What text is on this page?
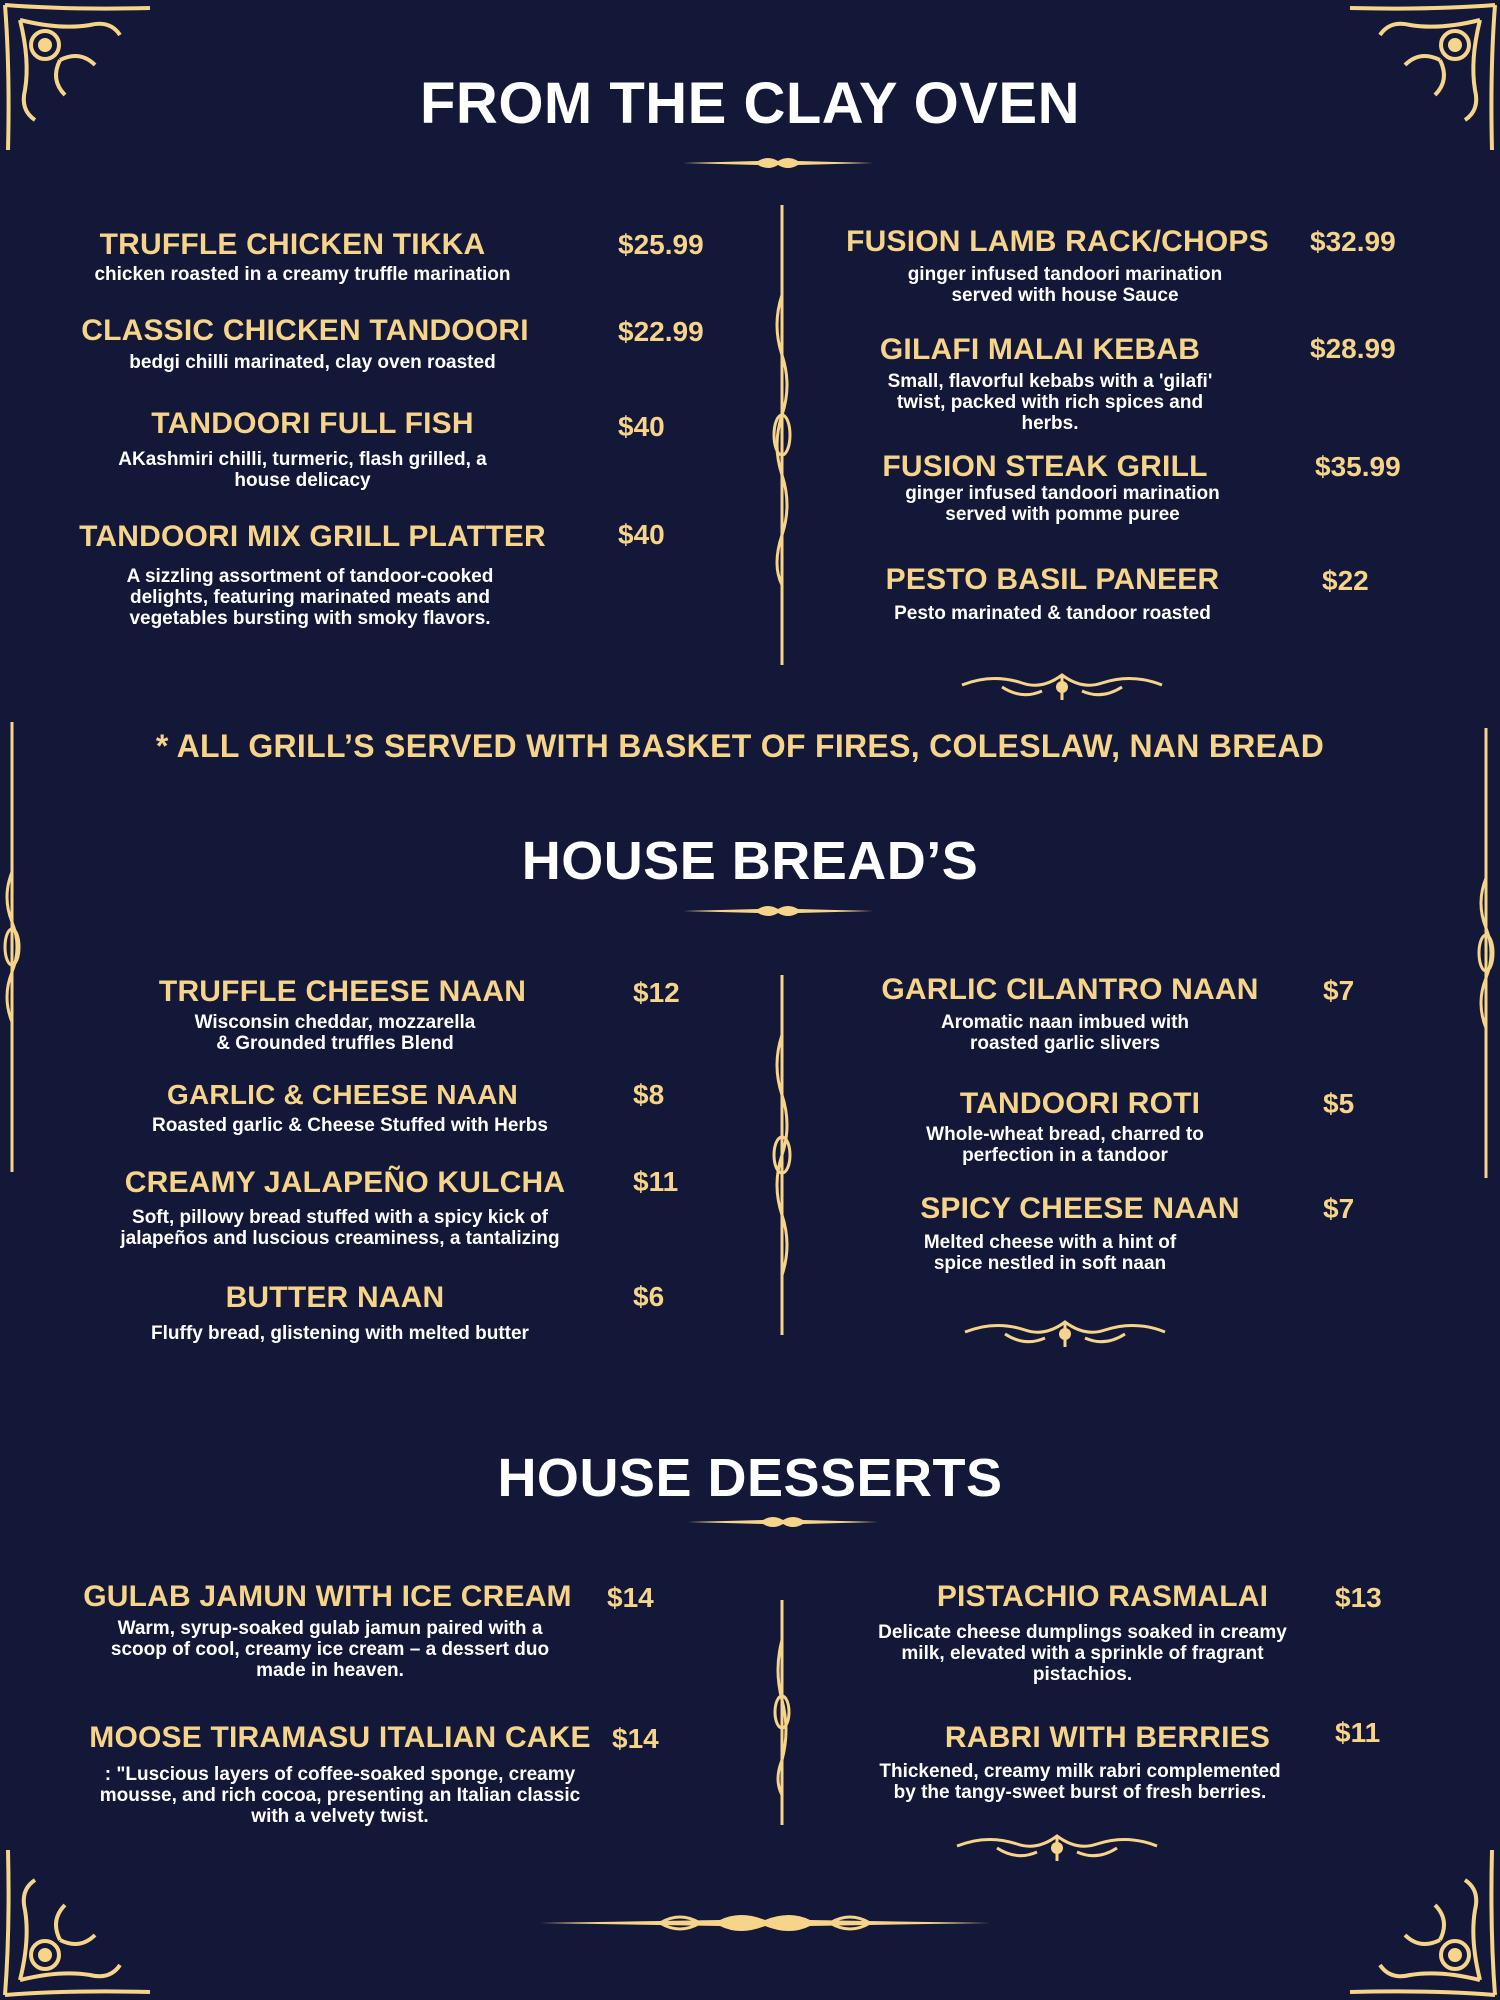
FROM THE CLAY OVEN
TRUFFLE CHICKEN TIKKA	$25.99
chicken roasted in a creamy truffle marination
CLASSIC CHICKEN TANDOORI	$22.99
bedgi chilli marinated, clay oven roasted
TANDOORI FULL FISH	$40
AKashmiri chilli, turmeric, flash grilled, a
house delicacy
TANDOORI MIX GRILL PLATTER	$40
A sizzling assortment of tandoor-cooked
delights, featuring marinated meats and
vegetables bursting with smoky flavors.
FUSION LAMB RACK/CHOPS	$32.99
ginger infused tandoori marination
served with house Sauce
GILAFI MALAI KEBAB	$28.99
Small, flavorful kebabs with a 'gilafi'
twist, packed with rich spices and
herbs.
FUSION STEAK GRILL	$35.99
ginger infused tandoori marination
served with pomme puree
PESTO BASIL PANEER	$22
Pesto marinated & tandoor roasted
* ALL GRILL’S SERVED WITH BASKET OF FIRES, COLESLAW, NAN BREAD
HOUSE BREAD’S
TRUFFLE CHEESE NAAN	$12
Wisconsin cheddar, mozzarella
& Grounded truffles Blend
GARLIC & CHEESE NAAN	$8
Roasted garlic & Cheese Stuffed with Herbs
CREAMY JALAPEÑO KULCHA	$11
Soft, pillowy bread stuffed with a spicy kick of
jalapeños and luscious creaminess, a tantalizing
BUTTER NAAN	$6
Fluffy bread, glistening with melted butter
GARLIC CILANTRO NAAN	$7
Aromatic naan imbued with
roasted garlic slivers
TANDOORI ROTI	$5
Whole-wheat bread, charred to
perfection in a tandoor
SPICY CHEESE NAAN	$7
Melted cheese with a hint of
spice nestled in soft naan
HOUSE DESSERTS
GULAB JAMUN WITH ICE CREAM $14
Warm, syrup-soaked gulab jamun paired with a
scoop of cool, creamy ice cream – a dessert duo
made in heaven.
MOOSE TIRAMASU ITALIAN CAKE $14
: "Luscious layers of coffee-soaked sponge, creamy
mousse, and rich cocoa, presenting an Italian classic
with a velvety twist.
PISTACHIO RASMALAI	$13
Delicate cheese dumplings soaked in creamy
milk, elevated with a sprinkle of fragrant
pistachios.
RABRI WITH BERRIES	$11
Thickened, creamy milk rabri complemented
by the tangy-sweet burst of fresh berries.
